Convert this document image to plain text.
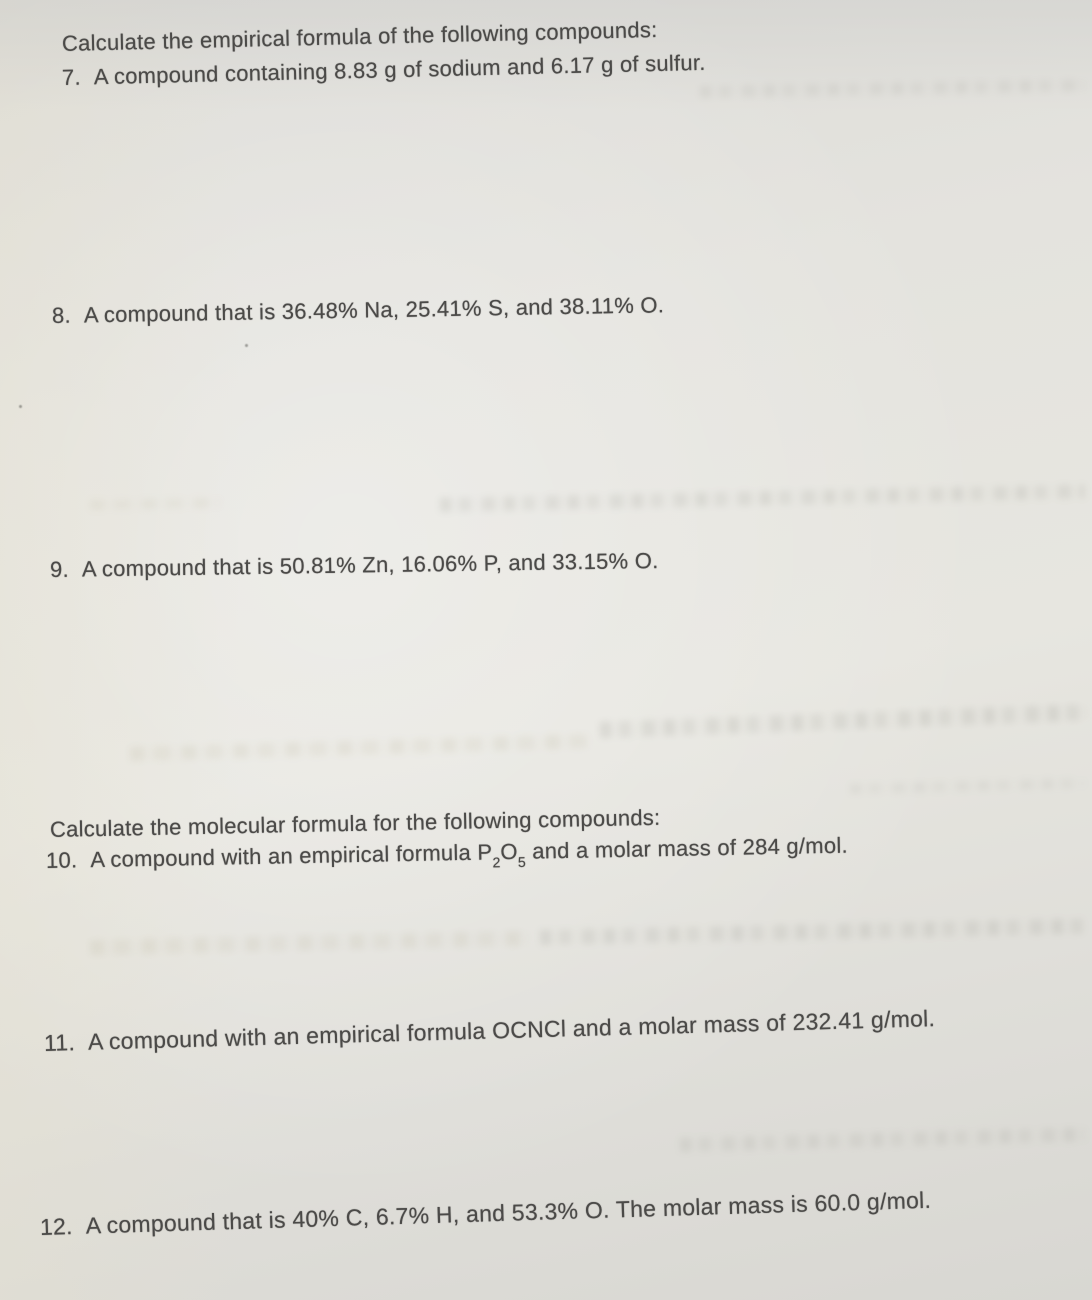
Calculate the empirical formula of the following compounds:
7. A compound containing 8.83 g of sodium and 6.17 g of sulfur.
8. A compound that is 36.48% Na, 25.41% S, and 38.11% O.
9. A compound that is 50.81% Zn, 16.06% P, and 33.15% O.
Calculate the molecular formula for the following compounds:
10. A compound with an empirical formula $P_2O_5$ and a molar mass of 284 g/mol.
11. A compound with an empirical formula OCNCl and a molar mass of 232.41 g/mol.
12. A compound that is 40% C, 6.7% H, and 53.3% O. The molar mass is 60.0 g/mol.
